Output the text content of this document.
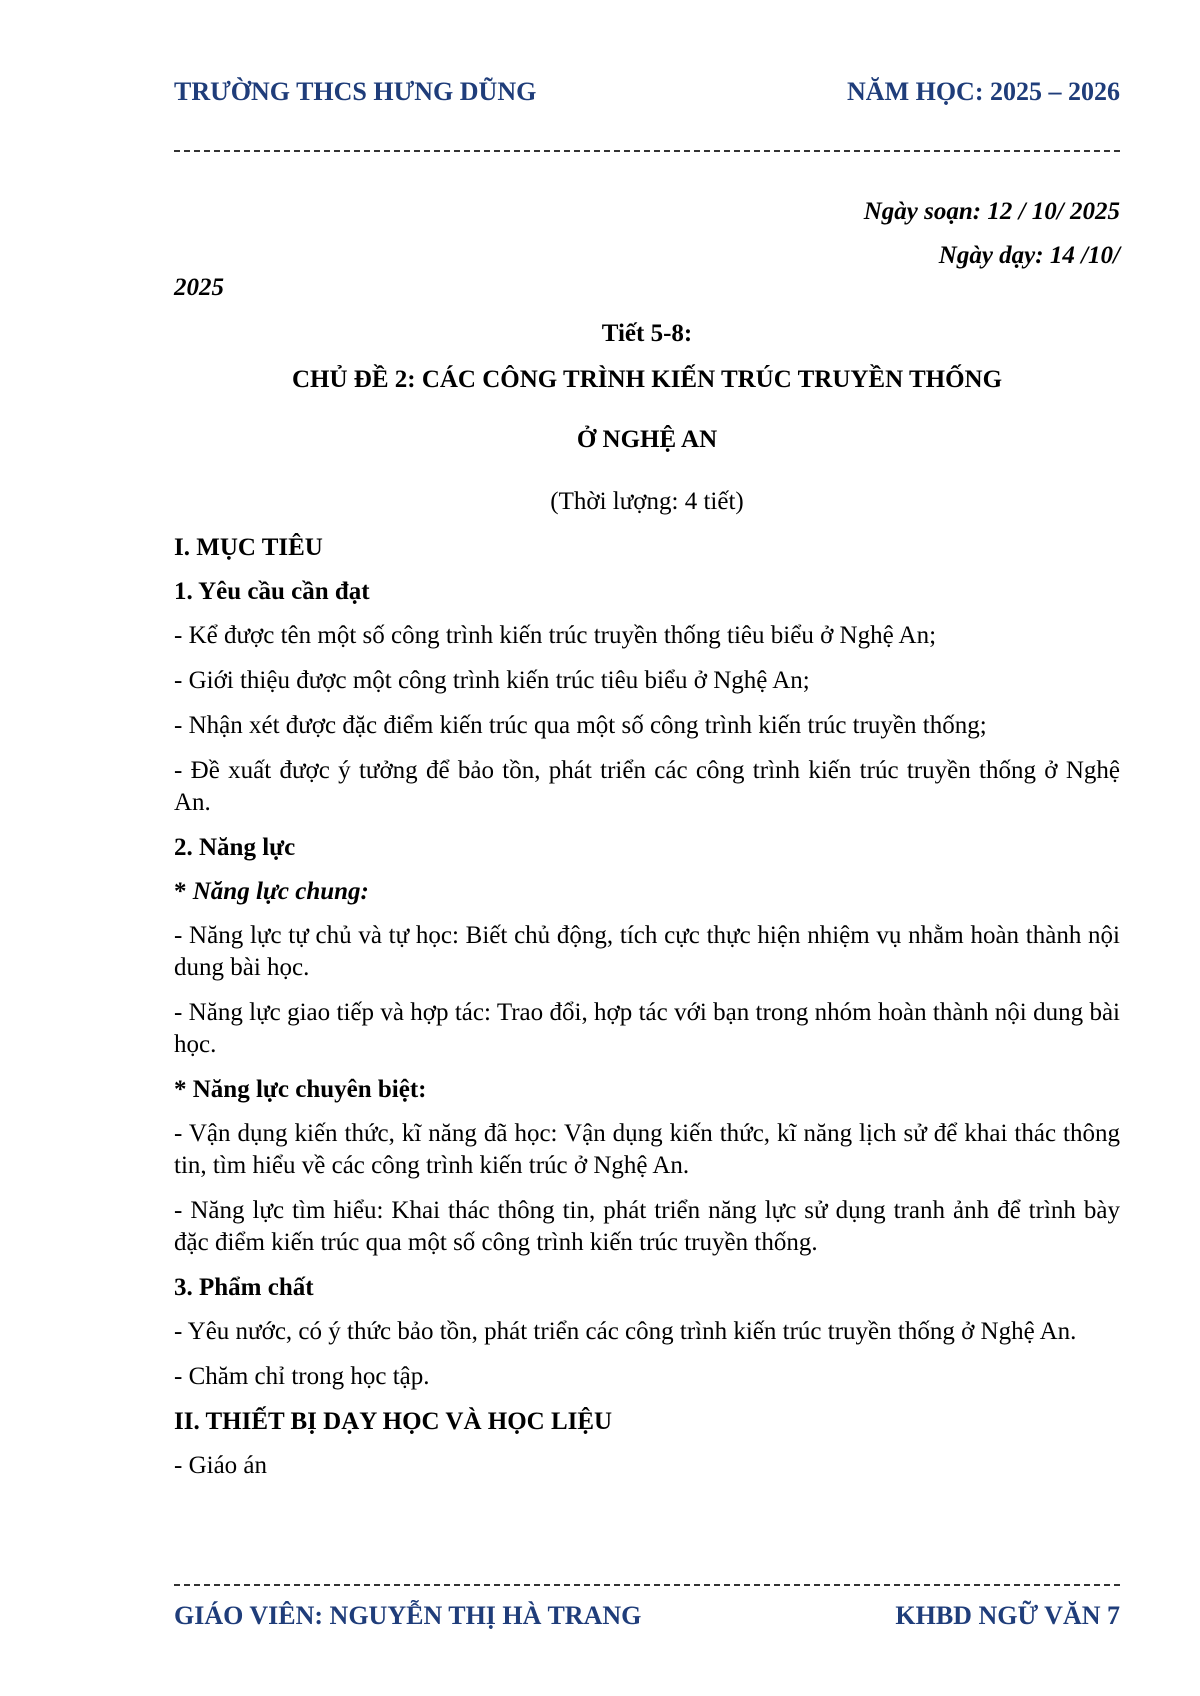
TRƯỜNG THCS HƯNG DŨNG	NĂM HỌC: 2025 – 2026

Ngày soạn: 12 / 10/ 2025

Ngày dạy: 14 /10/

2025

Tiết 5-8:

CHỦ ĐỀ 2: CÁC CÔNG TRÌNH KIẾN TRÚC TRUYỀN THỐNG

Ở NGHỆ AN

(Thời lượng: 4 tiết)

I. MỤC TIÊU

1. Yêu cầu cần đạt

- Kể được tên một số công trình kiến trúc truyền thống tiêu biểu ở Nghệ An;

- Giới thiệu được một công trình kiến trúc tiêu biểu ở Nghệ An;

- Nhận xét được đặc điểm kiến trúc qua một số công trình kiến trúc truyền thống;

- Đề xuất được ý tưởng để bảo tồn, phát triển các công trình kiến trúc truyền thống ở Nghệ An.

2. Năng lực

* Năng lực chung:

- Năng lực tự chủ và tự học: Biết chủ động, tích cực thực hiện nhiệm vụ nhằm hoàn thành nội dung bài học.

- Năng lực giao tiếp và hợp tác: Trao đổi, hợp tác với bạn trong nhóm hoàn thành nội dung bài học.

* Năng lực chuyên biệt:

- Vận dụng kiến thức, kĩ năng đã học: Vận dụng kiến thức, kĩ năng lịch sử để khai thác thông tin, tìm hiểu về các công trình kiến trúc ở Nghệ An.

- Năng lực tìm hiểu: Khai thác thông tin, phát triển năng lực sử dụng tranh ảnh để trình bày đặc điểm kiến trúc qua một số công trình kiến trúc truyền thống.

3. Phẩm chất

- Yêu nước, có ý thức bảo tồn, phát triển các công trình kiến trúc truyền thống ở Nghệ An.

- Chăm chỉ trong học tập.

II. THIẾT BỊ DẠY HỌC VÀ HỌC LIỆU

- Giáo án

GIÁO VIÊN: NGUYỄN THỊ HÀ TRANG	KHBD NGỮ VĂN 7
